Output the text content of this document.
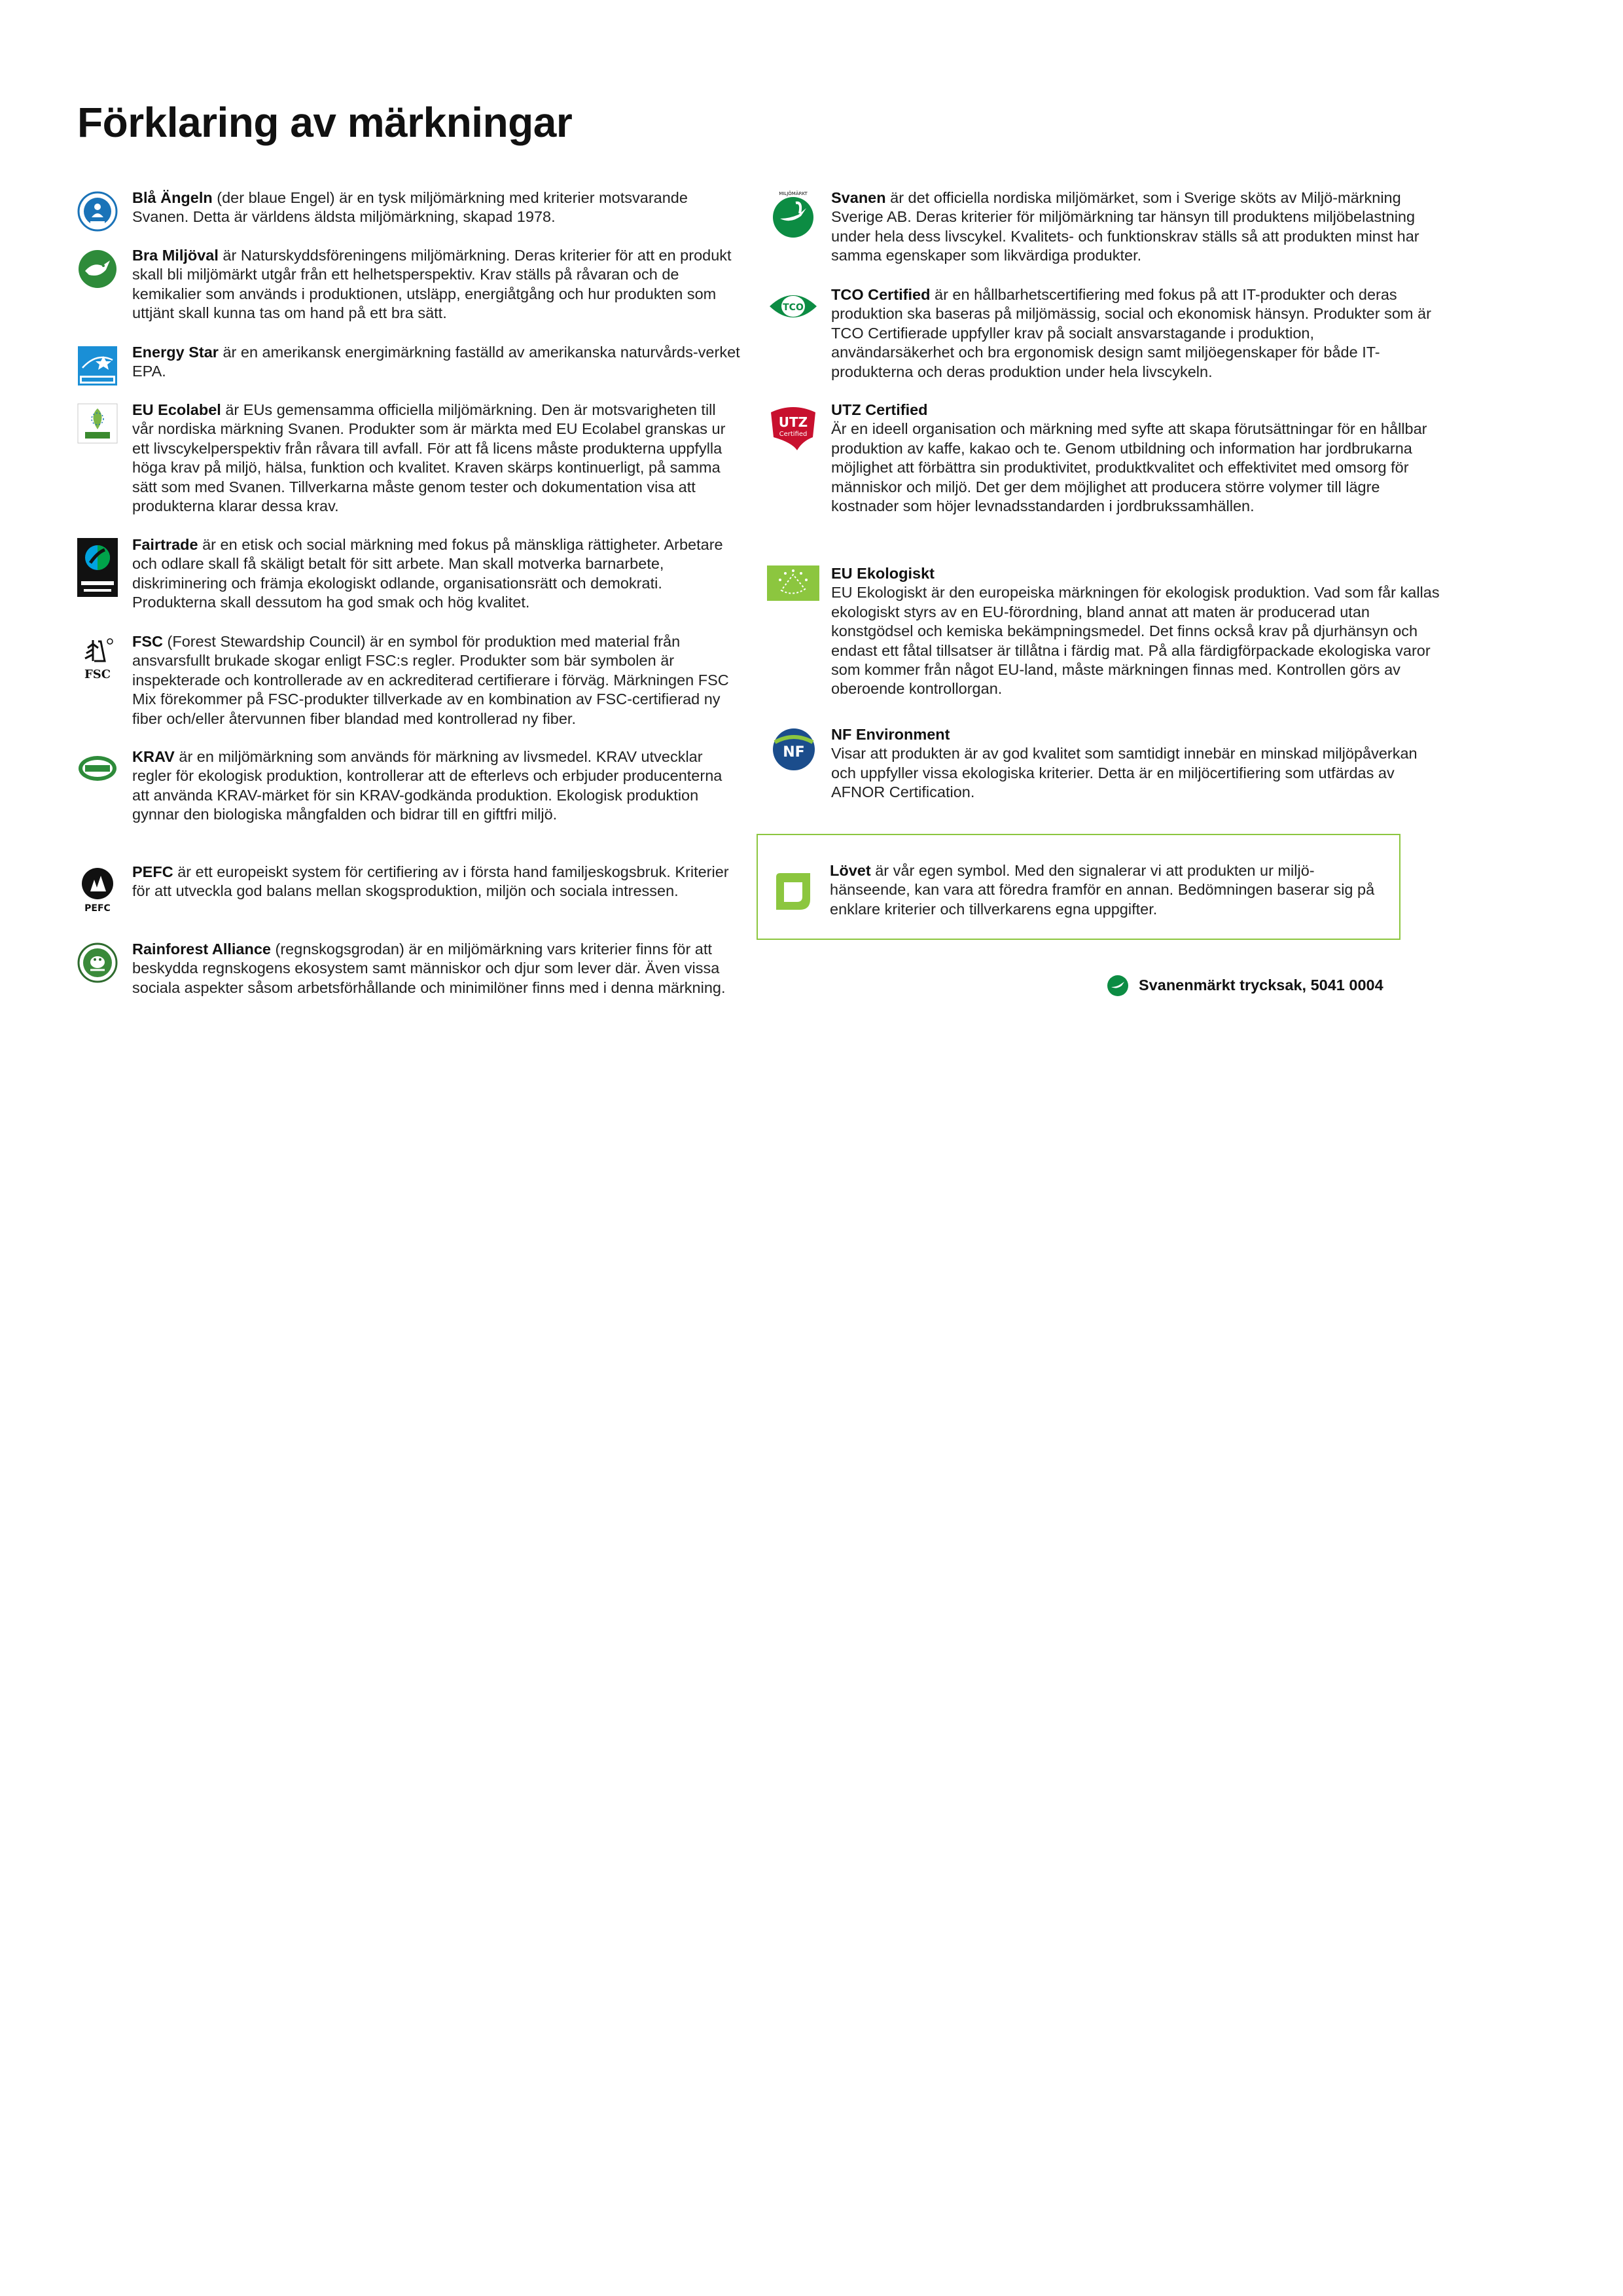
Förklaring av märkningar
Blå Ängeln (der blaue Engel) är en tysk miljömärkning med kriterier motsvarande Svanen. Detta är världens äldsta miljömärkning, skapad 1978.
Bra Miljöval är Naturskyddsföreningens miljömärkning. Deras kriterier för att en produkt skall bli miljömärkt utgår från ett helhetsperspektiv. Krav ställs på råvaran och de kemikalier som används i produktionen, utsläpp, energiåtgång och hur produkten som uttjänt skall kunna tas om hand på ett bra sätt.
Energy Star är en amerikansk energimärkning faställd av amerikanska naturvårds-verket EPA.
EU Ecolabel är EUs gemensamma officiella miljömärkning. Den är motsvarigheten till vår nordiska märkning Svanen. Produkter som är märkta med EU Ecolabel granskas ur ett livscykelperspektiv från råvara till avfall. För att få licens måste produkterna uppfylla höga krav på miljö, hälsa, funktion och kvalitet. Kraven skärps kontinuerligt, på samma sätt som med Svanen. Tillverkarna måste genom tester och dokumentation visa att produkterna klarar dessa krav.
Fairtrade är en etisk och social märkning med fokus på mänskliga rättigheter. Arbetare och odlare skall få skäligt betalt för sitt arbete. Man skall motverka barnarbete, diskriminering och främja ekologiskt odlande, organisationsrätt och demokrati. Produkterna skall dessutom ha god smak och hög kvalitet.
FSC
FSC (Forest Stewardship Council) är en symbol för produktion med material från ansvarsfullt brukade skogar enligt FSC:s regler. Produkter som bär symbolen är inspekterade och kontrollerade av en ackrediterad certifierare i förväg. Märkningen FSC Mix förekommer på FSC-produkter tillverkade av en kombination av FSC-certifierad ny fiber och/eller återvunnen fiber blandad med kontrollerad ny fiber.
KRAV är en miljömärkning som används för märkning av livsmedel. KRAV utvecklar regler för ekologisk produktion, kontrollerar att de efterlevs och erbjuder producenterna att använda KRAV-märket för sin KRAV-godkända produktion. Ekologisk produktion gynnar den biologiska mångfalden och bidrar till en giftfri miljö.
PEFC
PEFC är ett europeiskt system för certifiering av i första hand familjeskogsbruk. Kriterier för att utveckla god balans mellan skogsproduktion, miljön och sociala intressen.
Rainforest Alliance (regnskogsgrodan) är en miljömärkning vars kriterier finns för att beskydda regnskogens ekosystem samt människor och djur som lever där. Även vissa sociala aspekter såsom arbetsförhållande och minimilöner finns med i denna märkning.
MILJÖMÄRKT Svanen är det officiella nordiska miljömärket, som i Sverige sköts av Miljö-märkning Sverige AB. Deras kriterier för miljömärkning tar hänsyn till produktens miljöbelastning under hela dess livscykel. Kvalitets- och funktionskrav ställs så att produkten minst har samma egenskaper som likvärdiga produkter.
TCO
TCO Certified är en hållbarhetscertifiering med fokus på att IT-produkter och deras produktion ska baseras på miljömässig, social och ekonomisk hänsyn. Produkter som är TCO Certifierade uppfyller krav på socialt ansvarstagande i produktion, användarsäkerhet och bra ergonomisk design samt miljöegenskaper för både IT-produkterna och deras produktion under hela livscykeln.
UTZ
Certified
UTZ Certified
Är en ideell organisation och märkning med syfte att skapa förutsättningar för en hållbar produktion av kaffe, kakao och te. Genom utbildning och information har jordbrukarna möjlighet att förbättra sin produktivitet, produktkvalitet och effektivitet med omsorg för människor och miljö. Det ger dem möjlighet att producera större volymer till lägre kostnader som höjer levnadsstandarden i jordbrukssamhällen.
EU Ekologiskt
EU Ekologiskt är den europeiska märkningen för ekologisk produktion. Vad som får kallas ekologiskt styrs av en EU-förordning, bland annat att maten är producerad utan konstgödsel och kemiska bekämpningsmedel. Det finns också krav på djurhänsyn och endast ett fåtal tillsatser är tillåtna i färdig mat. På alla färdigförpackade ekologiska varor som kommer från något EU-land, måste märkningen finnas med. Kontrollen görs av oberoende kontrollorgan.
NF
NF Environment
Visar att produkten är av god kvalitet som samtidigt innebär en minskad miljöpåverkan och uppfyller vissa ekologiska kriterier. Detta är en miljöcertifiering som utfärdas av AFNOR Certification.
Lövet är vår egen symbol. Med den signalerar vi att produkten ur miljö-hänseende, kan vara att föredra framför en annan. Bedömningen baserar sig på enklare kriterier och tillverkarens egna uppgifter.
Svanenmärkt trycksak, 5041 0004
